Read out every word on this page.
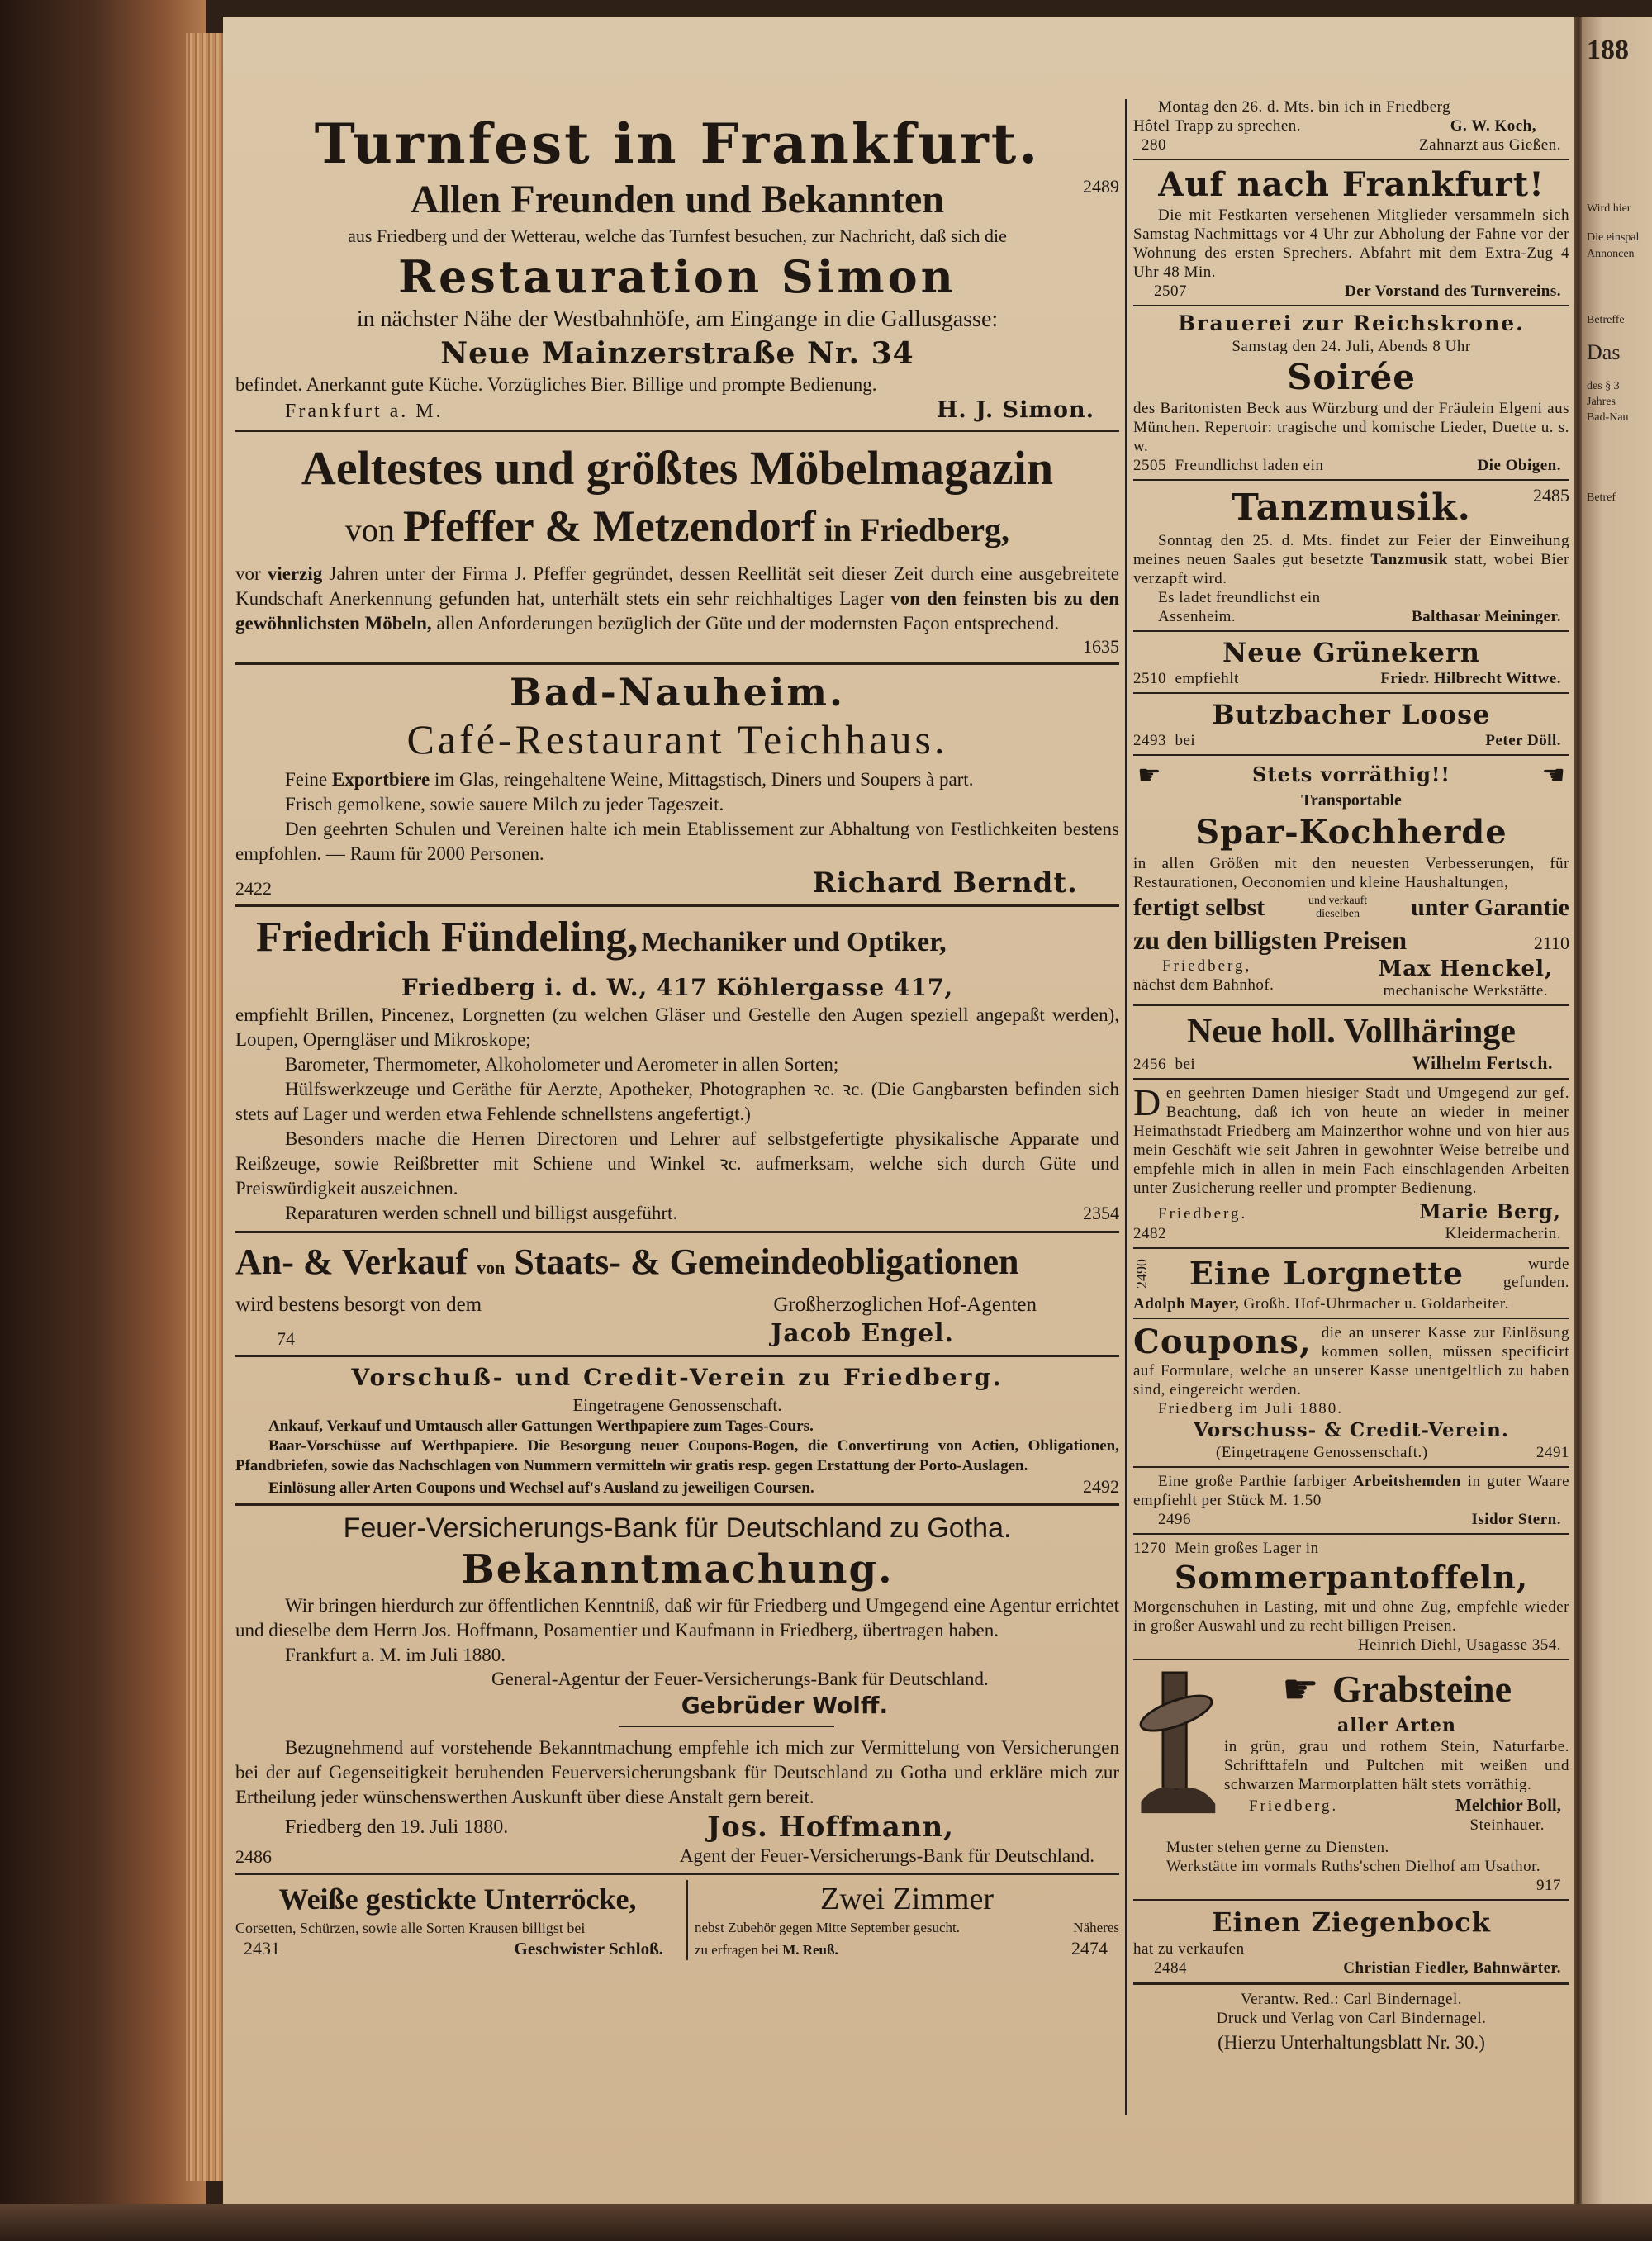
188
Wird hier
Die einspal
Annoncen
Betreffe
Das
des § 3
Jahres
Bad-Nau
Betref
Turnfest in Frankfurt.
Allen Freunden und Bekannten	2489
aus Friedberg und der Wetterau, welche das Turnfest besuchen, zur Nachricht, daß sich die
Restauration Simon
in nächster Nähe der Westbahnhöfe, am Eingange in die Gallusgasse:
Neue Mainzerstraße Nr. 34
befindet. Anerkannt gute Küche. Vorzügliches Bier. Billige und prompte Bedienung.
Frankfurt a. M.	H. J. Simon.
Aeltestes und größtes Möbelmagazin
von Pfeffer & Metzendorf in Friedberg,
vor vierzig Jahren unter der Firma J. Pfeffer gegründet, dessen Reellität seit dieser Zeit durch eine ausgebreitete Kundschaft Anerkennung gefunden hat, unterhält stets ein sehr reichhaltiges Lager von den feinsten bis zu den gewöhnlichsten Möbeln, allen Anforderungen bezüglich der Güte und der modernsten Façon entsprechend.
1635
Bad-Nauheim.
Café-Restaurant Teichhaus.
Feine Exportbiere im Glas, reingehaltene Weine, Mittagstisch, Diners und Soupers à part.
Frisch gemolkene, sowie sauere Milch zu jeder Tageszeit.
Den geehrten Schulen und Vereinen halte ich mein Etablissement zur Abhaltung von Festlichkeiten bestens empfohlen. — Raum für 2000 Personen.
2422	Richard Berndt.
Friedrich Fündeling, Mechaniker und Optiker,
Friedberg i. d. W., 417 Köhlergasse 417,
empfiehlt Brillen, Pincenez, Lorgnetten (zu welchen Gläser und Gestelle den Augen speziell angepaßt werden), Loupen, Operngläser und Mikroskope;
Barometer, Thermometer, Alkoholometer und Aerometer in allen Sorten;
Hülfswerkzeuge und Geräthe für Aerzte, Apotheker, Photographen ꝛc. ꝛc. (Die Gangbarsten befinden sich stets auf Lager und werden etwa Fehlende schnellstens angefertigt.)
Besonders mache die Herren Directoren und Lehrer auf selbstgefertigte physikalische Apparate und Reißzeuge, sowie Reißbretter mit Schiene und Winkel ꝛc. aufmerksam, welche sich durch Güte und Preiswürdigkeit auszeichnen.
Reparaturen werden schnell und billigst ausgeführt.	2354
An- & Verkauf von Staats- & Gemeindeobligationen
wird bestens besorgt von dem	Großherzoglichen Hof-Agenten
74	Jacob Engel.
Vorschuß- und Credit-Verein zu Friedberg.
Eingetragene Genossenschaft.
Ankauf, Verkauf und Umtausch aller Gattungen Werthpapiere zum Tages-Cours.
Baar-Vorschüsse auf Werthpapiere. Die Besorgung neuer Coupons-Bogen, die Convertirung von Actien, Obligationen, Pfandbriefen, sowie das Nachschlagen von Nummern vermitteln wir gratis resp. gegen Erstattung der Porto-Auslagen.
Einlösung aller Arten Coupons und Wechsel auf's Ausland zu jeweiligen Coursen.	2492
Feuer-Versicherungs-Bank für Deutschland zu Gotha.
Bekanntmachung.
Wir bringen hierdurch zur öffentlichen Kenntniß, daß wir für Friedberg und Umgegend eine Agentur errichtet und dieselbe dem Herrn Jos. Hoffmann, Posamentier und Kaufmann in Friedberg, übertragen haben.
Frankfurt a. M. im Juli 1880.
General-Agentur der Feuer-Versicherungs-Bank für Deutschland.
Gebrüder Wolff.
Bezugnehmend auf vorstehende Bekanntmachung empfehle ich mich zur Vermittelung von Versicherungen bei der auf Gegenseitigkeit beruhenden Feuerversicherungsbank für Deutschland zu Gotha und erkläre mich zur Ertheilung jeder wünschenswerthen Auskunft über diese Anstalt gern bereit.
Friedberg den 19. Juli 1880.	Jos. Hoffmann,
2486	Agent der Feuer-Versicherungs-Bank für Deutschland.
Weiße gestickte Unterröcke,
Corsetten, Schürzen, sowie alle Sorten Krausen billigst bei
2431	Geschwister Schloß.
Zwei Zimmer
nebst Zubehör gegen Mitte September gesucht.	Näheres
zu erfragen bei M. Reuß.	2474
Montag den 26. d. Mts. bin ich in Friedberg
Hôtel Trapp zu sprechen.	G. W. Koch,
280	Zahnarzt aus Gießen.
Auf nach Frankfurt!
Die mit Festkarten versehenen Mitglieder versammeln sich Samstag Nachmittags vor 4 Uhr zur Abholung der Fahne vor der Wohnung des ersten Sprechers. Abfahrt mit dem Extra-Zug 4 Uhr 48 Min.
2507	Der Vorstand des Turnvereins.
Brauerei zur Reichskrone.
Samstag den 24. Juli, Abends 8 Uhr
Soirée
des Baritonisten Beck aus Würzburg und der Fräulein Elgeni aus München. Repertoir: tragische und komische Lieder, Duette u. s. w.
2505 Freundlichst laden ein	Die Obigen.
Tanzmusik.	2485
Sonntag den 25. d. Mts. findet zur Feier der Einweihung meines neuen Saales gut besetzte Tanzmusik statt, wobei Bier verzapft wird.
Es ladet freundlichst ein
Assenheim.	Balthasar Meininger.
Neue Grünekern
2510 empfiehlt	Friedr. Hilbrecht Wittwe.
Butzbacher Loose
2493 bei	Peter Döll.
☛	Stets vorräthig!!	☚
Transportable
Spar-Kochherde
in allen Größen mit den neuesten Verbesserungen, für Restaurationen, Oeconomien und kleine Haushaltungen,
fertigt selbst	und verkauft
dieselben	unter Garantie
zu den billigsten Preisen	2110
Friedberg,
nächst dem Bahnhof.
Max Henckel,
mechanische Werkstätte.
Neue holl. Vollhäringe
2456 bei	Wilhelm Fertsch.
Den geehrten Damen hiesiger Stadt und Umgegend zur gef. Beachtung, daß ich von heute an wieder in meiner Heimathstadt Friedberg am Mainzerthor wohne und von hier aus mein Geschäft wie seit Jahren in gewohnter Weise betreibe und empfehle mich in allen in mein Fach einschlagenden Arbeiten unter Zusicherung reeller und prompter Bedienung.
Friedberg.	Marie Berg,
2482	Kleidermacherin.
2490 Eine Lorgnette	wurde
gefunden.
Adolph Mayer, Großh. Hof-Uhrmacher u. Goldarbeiter.
Coupons, die an unserer Kasse zur Einlösung kommen sollen, müssen specificirt auf Formulare, welche an unserer Kasse unentgeltlich zu haben sind, eingereicht werden.
Friedberg im Juli 1880.
Vorschuss- & Credit-Verein.
(Eingetragene Genossenschaft.)	2491
Eine große Parthie farbiger Arbeitshemden in guter Waare empfiehlt per Stück M. 1.50
2496	Isidor Stern.
1270 Mein großes Lager in
Sommerpantoffeln,
Morgenschuhen in Lasting, mit und ohne Zug, empfehle wieder in großer Auswahl und zu recht billigen Preisen.
Heinrich Diehl, Usagasse 354.
☛ Grabsteine
aller Arten
in grün, grau und rothem Stein, Naturfarbe. Schrifttafeln und Pultchen mit weißen und schwarzen Marmorplatten hält stets vorräthig.
Friedberg.	Melchior Boll,
Steinhauer.
Muster stehen gerne zu Diensten.
Werkstätte im vormals Ruths'schen Dielhof am Usathor.
917
Einen Ziegenbock
hat zu verkaufen
2484	Christian Fiedler, Bahnwärter.
Verantw. Red.: Carl Bindernagel.
Druck und Verlag von Carl Bindernagel.
(Hierzu Unterhaltungsblatt Nr. 30.)
